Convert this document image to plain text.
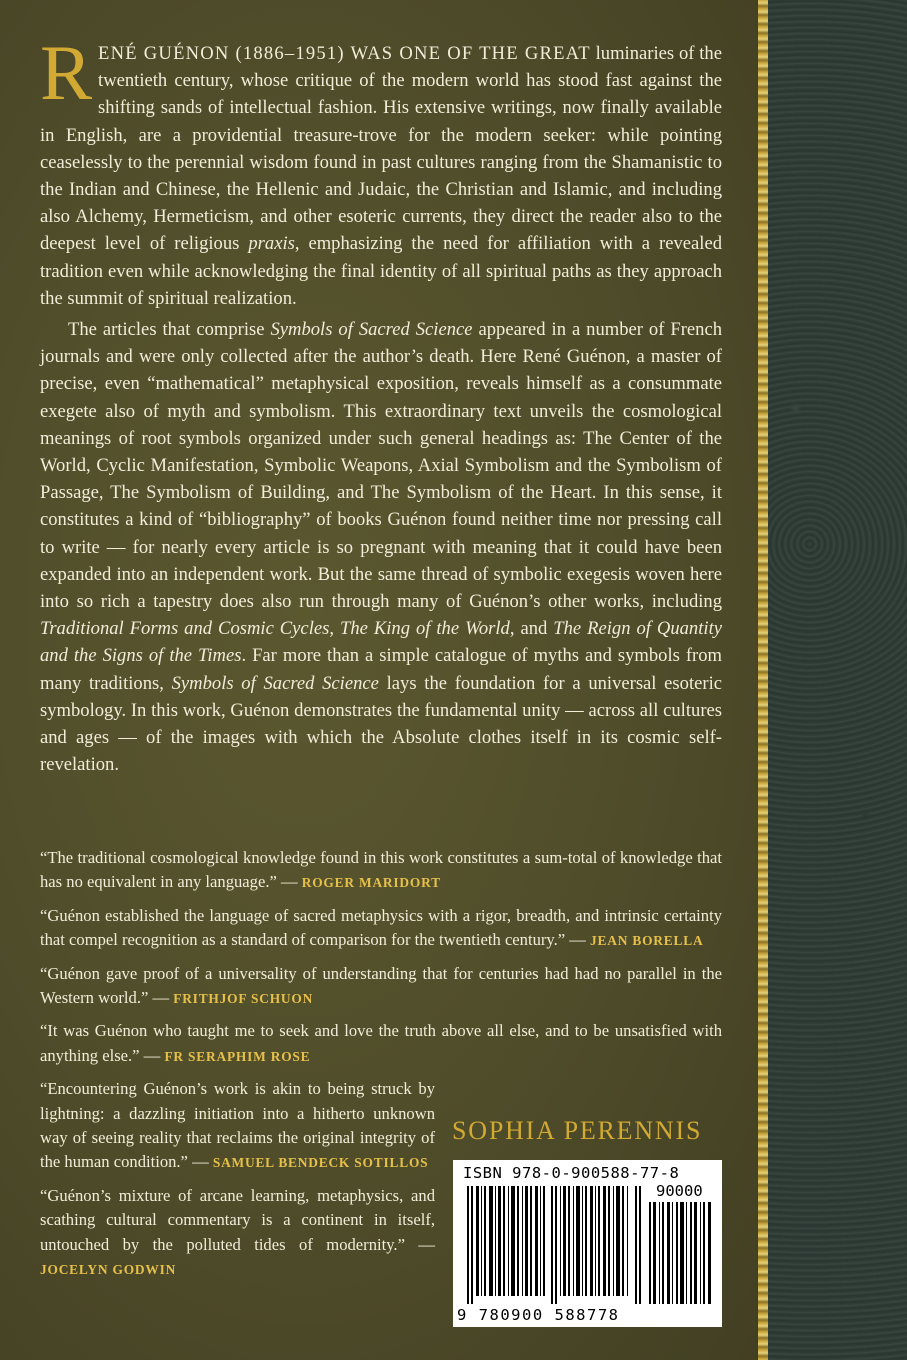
R ENÉ GUÉNON (1886–1951) WAS ONE OF THE GREAT luminaries of the twentieth century, whose critique of the modern world has stood fast against the shifting sands of intellectual fashion. His extensive writings, now finally available in English, are a providential treasure-trove for the modern seeker: while pointing ceaselessly to the perennial wisdom found in past cultures ranging from the Shamanistic to the Indian and Chinese, the Hellenic and Judaic, the Christian and Islamic, and including also Alchemy, Hermeticism, and other esoteric currents, they direct the reader also to the deepest level of religious praxis, emphasizing the need for affiliation with a revealed tradition even while acknowledging the final identity of all spiritual paths as they approach the summit of spiritual realization.

The articles that comprise Symbols of Sacred Science appeared in a number of French journals and were only collected after the author’s death. Here René Guénon, a master of precise, even “mathematical” metaphysical exposition, reveals himself as a consummate exegete also of myth and symbolism. This extraordinary text unveils the cosmological meanings of root symbols organized under such general headings as: The Center of the World, Cyclic Manifestation, Symbolic Weapons, Axial Symbolism and the Symbolism of Passage, The Symbolism of Building, and The Symbolism of the Heart. In this sense, it constitutes a kind of “bibliography” of books Guénon found neither time nor pressing call to write — for nearly every article is so pregnant with meaning that it could have been expanded into an independent work. But the same thread of symbolic exegesis woven here into so rich a tapestry does also run through many of Guénon’s other works, including Traditional Forms and Cosmic Cycles, The King of the World, and The Reign of Quantity and the Signs of the Times. Far more than a simple catalogue of myths and symbols from many traditions, Symbols of Sacred Science lays the foundation for a universal esoteric symbology. In this work, Guénon demonstrates the fundamental unity — across all cultures and ages — of the images with which the Absolute clothes itself in its cosmic self-revelation.

“The traditional cosmological knowledge found in this work constitutes a sum-total of knowledge that has no equivalent in any language.” — ROGER MARIDORT

“Guénon established the language of sacred metaphysics with a rigor, breadth, and intrinsic certainty that compel recognition as a standard of comparison for the twentieth century.” — JEAN BORELLA

“Guénon gave proof of a universality of understanding that for centuries had had no parallel in the Western world.” — FRITHJOF SCHUON

“It was Guénon who taught me to seek and love the truth above all else, and to be unsatisfied with anything else.” — FR SERAPHIM ROSE

“Encountering Guénon’s work is akin to being struck by lightning: a dazzling initiation into a hitherto unknown way of seeing reality that reclaims the original integrity of the human condition.” — SAMUEL BENDECK SOTILLOS

“Guénon’s mixture of arcane learning, metaphysics, and scathing cultural commentary is a continent in itself, untouched by the polluted tides of modernity.” — JOCELYN GODWIN

SOPHIA PERENNIS
ISBN 978-0-900588-77-8
90000
9 780900 588778
